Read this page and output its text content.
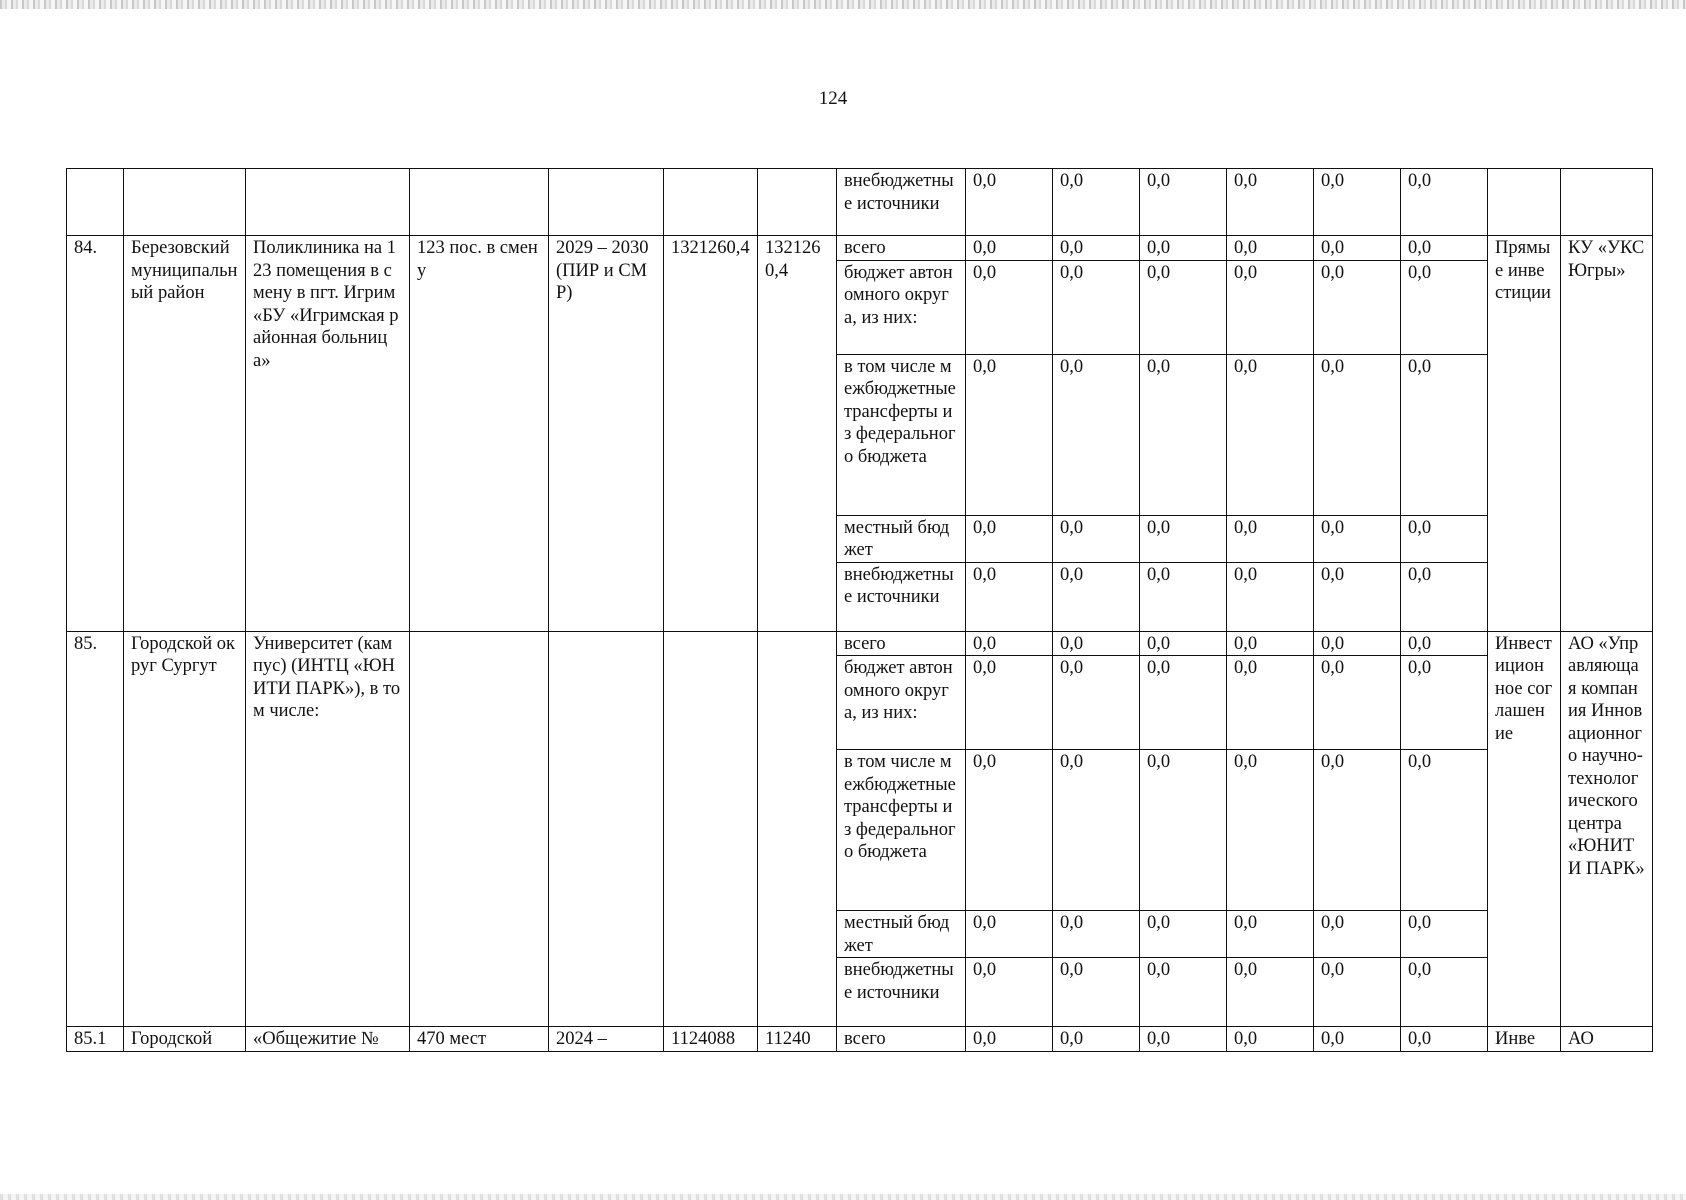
124
							внебюджетные источники	0,0	0,0	0,0	0,0	0,0	0,0		
84.	Березовский муниципальный район	Поликлиника на 123 помещения в смену в пгт. Игрим «БУ «Игримская районная больница»	123 пос. в смену	2029 – 2030 (ПИР и СМР)	1321260,4	1321260,4	всего	0,0	0,0	0,0	0,0	0,0	0,0	Прямые инвестиции	КУ «УКС Югры»
							бюджет автономного округа, из них:	0,0	0,0	0,0	0,0	0,0	0,0		
							в том числе межбюджетные трансферты из федерального бюджета	0,0	0,0	0,0	0,0	0,0	0,0		
							местный бюджет	0,0	0,0	0,0	0,0	0,0	0,0		
							внебюджетные источники	0,0	0,0	0,0	0,0	0,0	0,0		
85.	Городской округ Сургут	Университет (кампус) (ИНТЦ «ЮНИТИ ПАРК»), в том числе:					всего	0,0	0,0	0,0	0,0	0,0	0,0	Инвестиционное соглашение	АО «Управляющая компания Инновационного научно-технологического центра «ЮНИТИ ПАРК»
							бюджет автономного округа, из них:	0,0	0,0	0,0	0,0	0,0	0,0		
							в том числе межбюджетные трансферты из федерального бюджета	0,0	0,0	0,0	0,0	0,0	0,0		
							местный бюджет	0,0	0,0	0,0	0,0	0,0	0,0		
							внебюджетные источники	0,0	0,0	0,0	0,0	0,0	0,0		
85.1	Городской	«Общежитие №	470 мест	2024 –	1124088	11240	всего	0,0	0,0	0,0	0,0	0,0	0,0	Инве	АО
